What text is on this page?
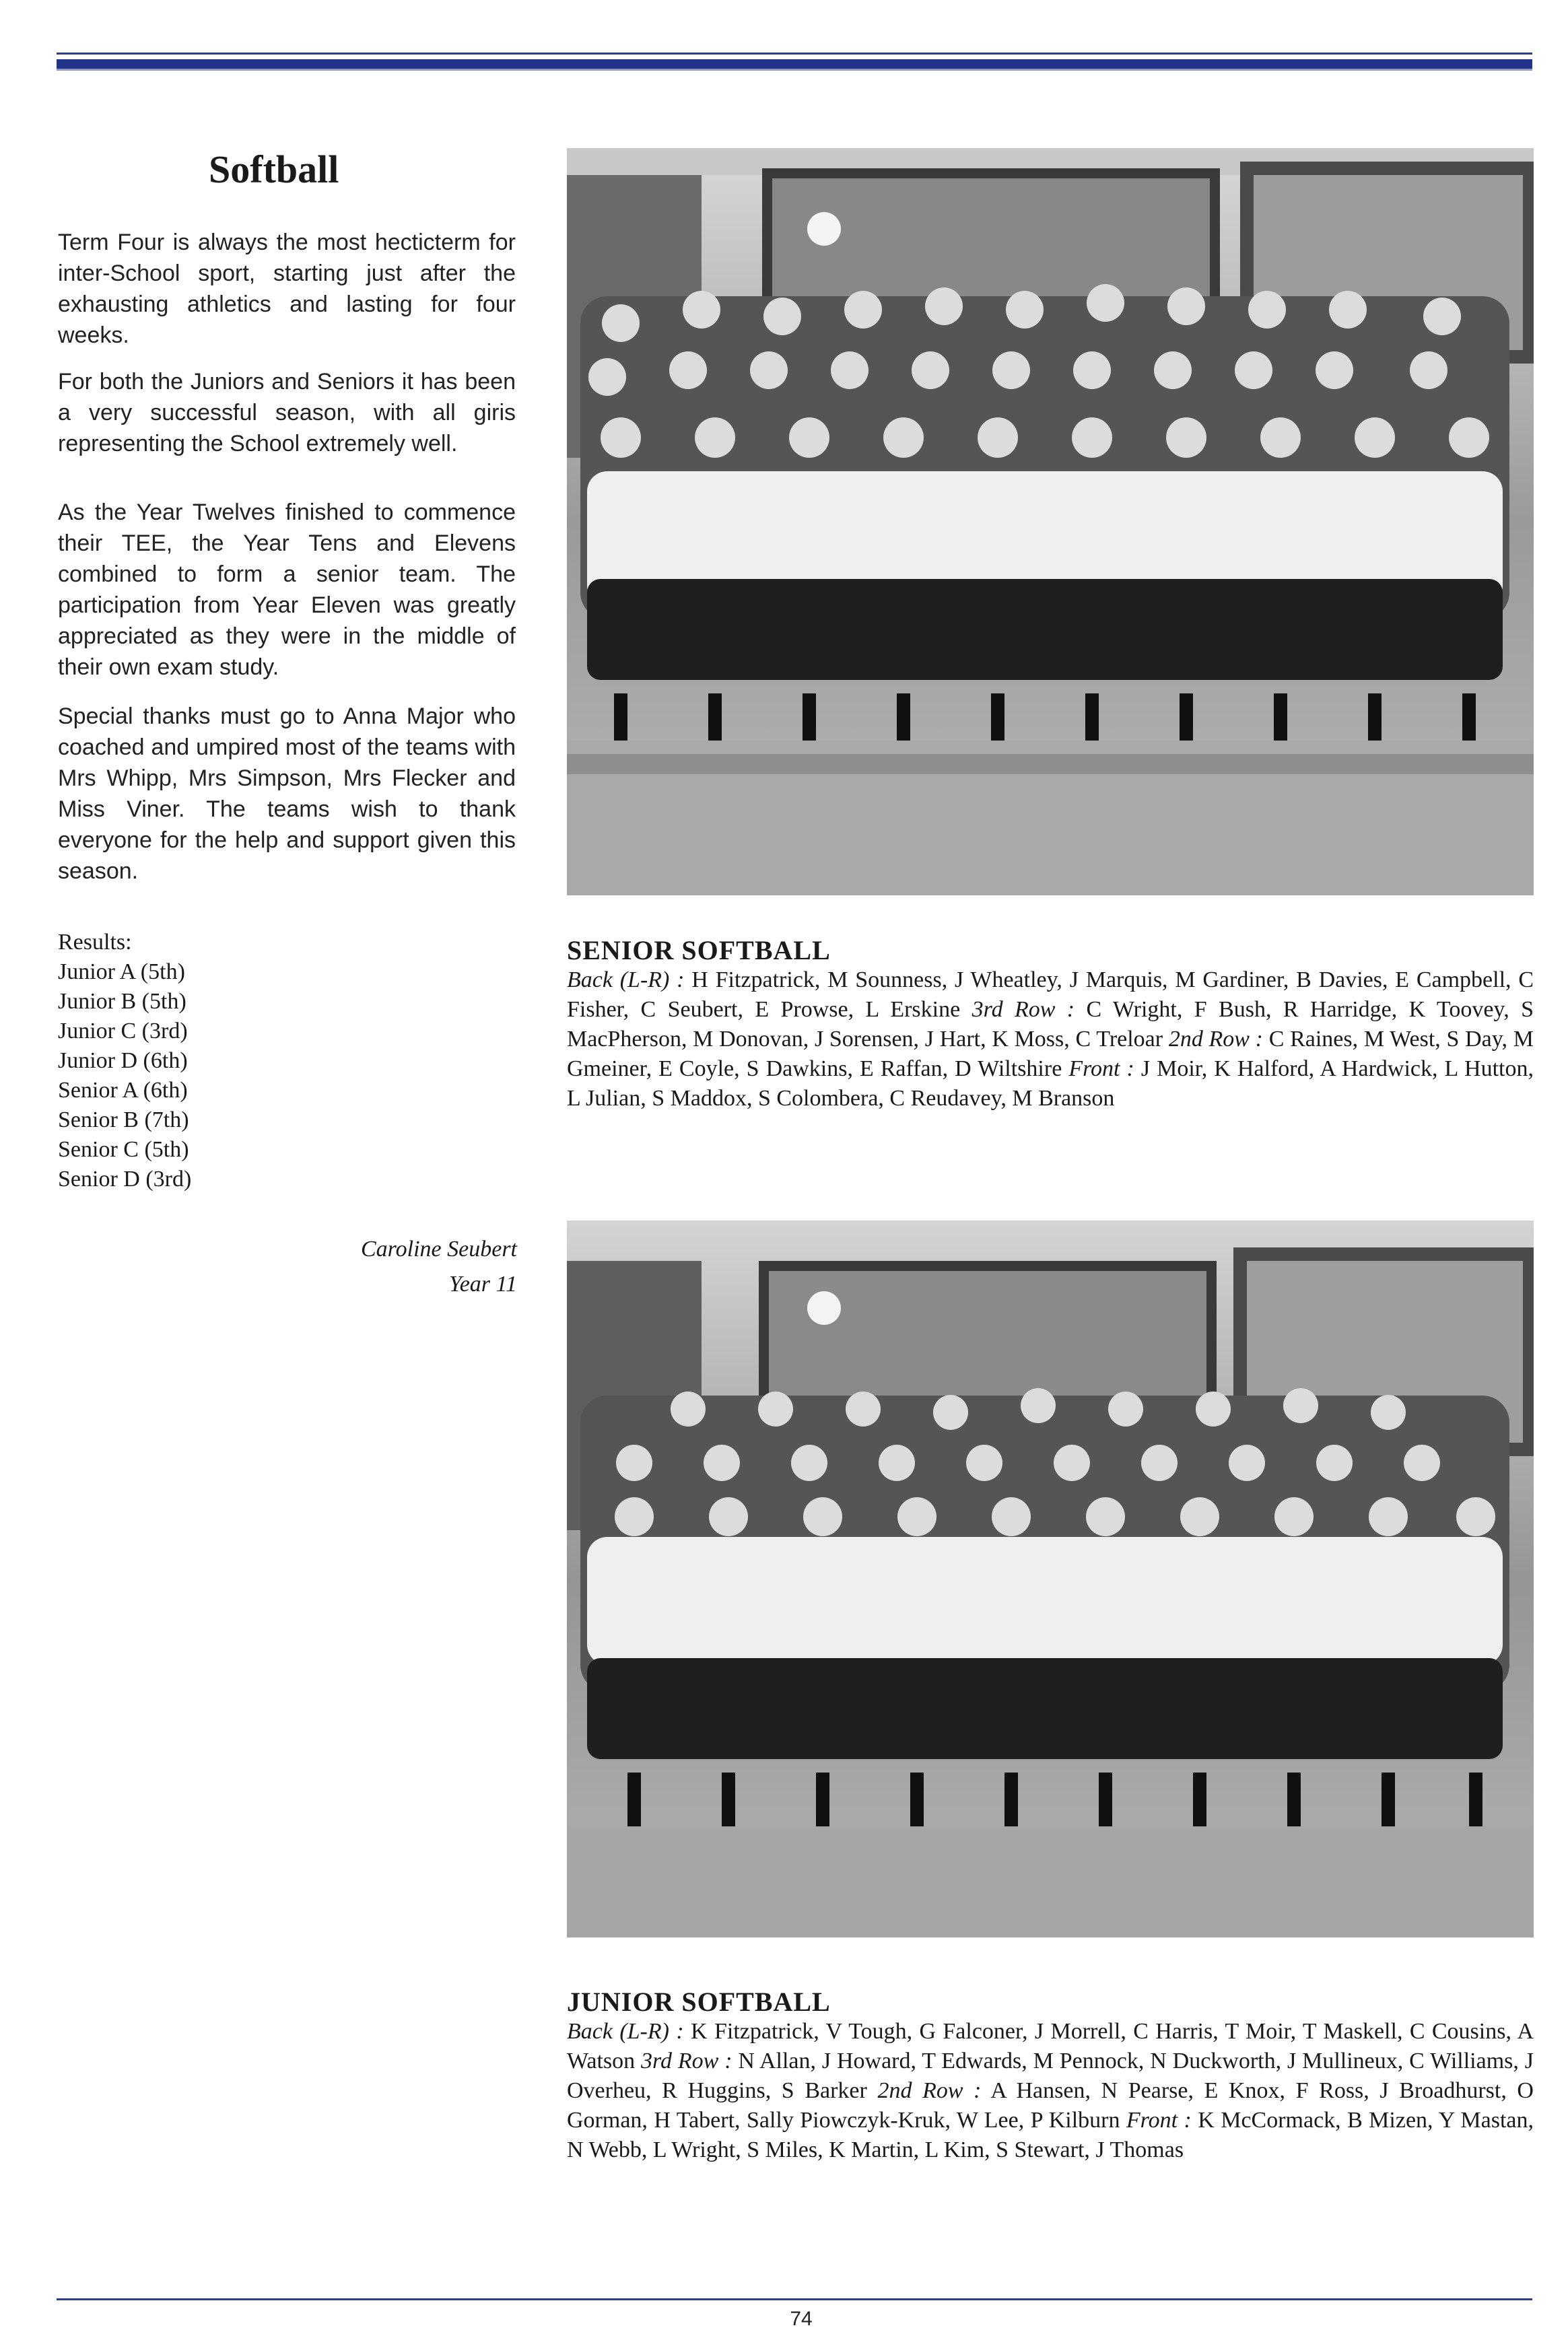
Softball

Term Four is always the most hecticterm for inter-School sport, starting just after the exhausting athletics and lasting for four weeks.

For both the Juniors and Seniors it has been a very successful season, with all giris representing the School extremely well.

As the Year Twelves finished to commence their TEE, the Year Tens and Elevens combined to form a senior team. The participation from Year Eleven was greatly appreciated as they were in the middle of their own exam study.

Special thanks must go to Anna Major who coached and umpired most of the teams with Mrs Whipp, Mrs Simpson, Mrs Flecker and Miss Viner. The teams wish to thank everyone for the help and support given this season.

Results:
Junior A (5th)
Junior B (5th)
Junior C (3rd)
Junior D (6th)
Senior A (6th)
Senior B (7th)
Senior C (5th)
Senior D (3rd)
Caroline Seubert
Year 11
SENIOR SOFTBALL
Back (L-R) : H Fitzpatrick, M Sounness, J Wheatley, J Marquis, M Gardiner, B Davies, E Campbell, C Fisher, C Seubert, E Prowse, L Erskine 3rd Row : C Wright, F Bush, R Harridge, K Toovey, S MacPherson, M Donovan, J Sorensen, J Hart, K Moss, C Treloar 2nd Row : C Raines, M West, S Day, M Gmeiner, E Coyle, S Dawkins, E Raffan, D Wiltshire Front : J Moir, K Halford, A Hardwick, L Hutton, L Julian, S Maddox, S Colombera, C Reudavey, M Branson
JUNIOR SOFTBALL
Back (L-R) : K Fitzpatrick, V Tough, G Falconer, J Morrell, C Harris, T Moir, T Maskell, C Cousins, A Watson 3rd Row : N Allan, J Howard, T Edwards, M Pennock, N Duckworth, J Mullineux, C Williams, J Overheu, R Huggins, S Barker 2nd Row : A Hansen, N Pearse, E Knox, F Ross, J Broadhurst, O Gorman, H Tabert, Sally Piowczyk-Kruk, W Lee, P Kilburn Front : K McCormack, B Mizen, Y Mastan, N Webb, L Wright, S Miles, K Martin, L Kim, S Stewart, J Thomas
74
